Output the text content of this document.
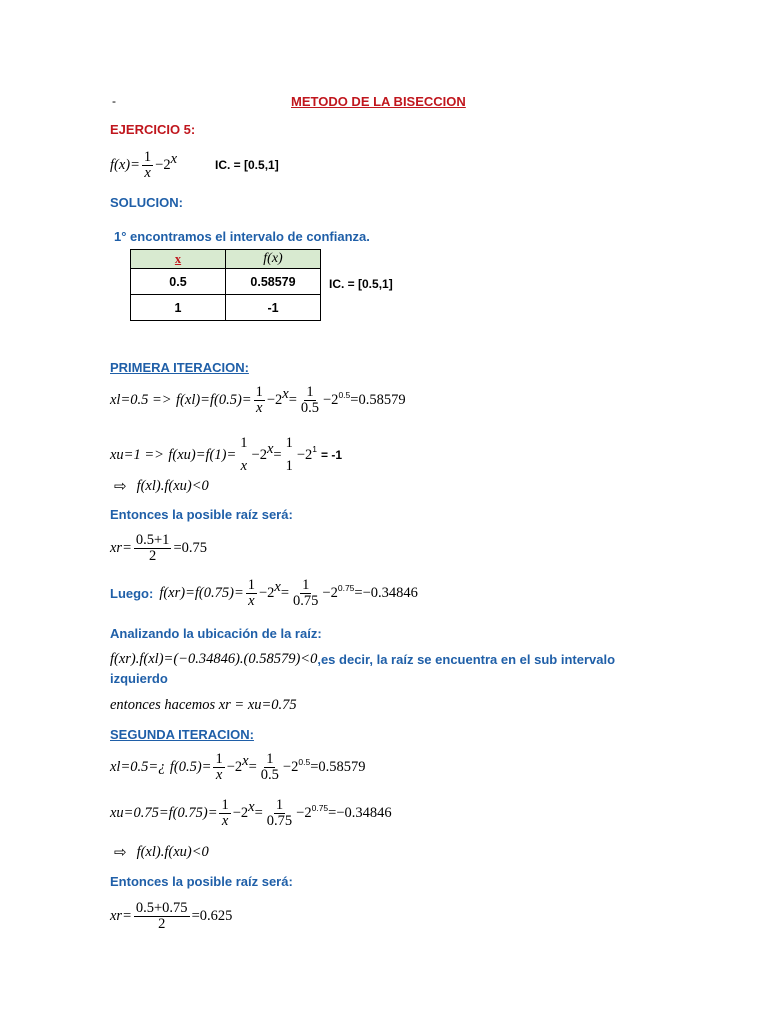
-	METODO DE LA BISECCION
EJERCICIO 5:
$f(x)= \frac{1}{x} -2^x$	IC. = [0.5,1]
SOLUCION:
1° encontramos el intervalo de confianza.
x	f(x)
0.5	0.58579
1	-1
IC. = [0.5,1]
PRIMERA ITERACION:
xl=0.5 =>
$f(xl)=f(0.5)= \frac{1}{x} -2^x = \frac{1}{0.5} -2^{0.5} =0.58579$
xu=1 =>
f(xu)=f(1)=
1
x
$-2^x$ =
1
1
$-2^1 = -1$
⇨ f(xl).f(xu)<0
Entonces la posible raíz será:
$xr= \frac{0.5+1}{2} =0.75$
Luego: $f(xr)=f(0.75)= \frac{1}{x} -2^x = \frac{1}{0.75} -2^{0.75} =-0.34846$
Analizando la ubicación de la raíz:
f(xr).f(xl)=(−0.34846).(0.58579)<0 ,es decir, la raíz se encuentra en el sub intervalo
izquierdo
entonces hacemos xr = xu=0.75
SEGUNDA ITERACION:
xl=0.5=¿
$f(0.5)= \frac{1}{x} -2^x = \frac{1}{0.5} -2^{0.5} =0.58579$
$xu=0.75=f(0.75)= \frac{1}{x} -2^x = \frac{1}{0.75} -2^{0.75} =-0.34846$
⇨ f(xl).f(xu)<0
Entonces la posible raíz será:
$xr= \frac{0.5+0.75}{2} =0.625$
